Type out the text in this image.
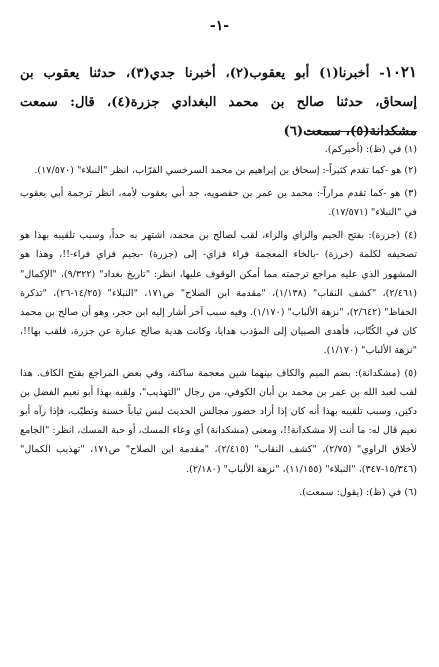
-١-
١٠٢١- أخبرنا(١) أبو يعقوب(٢)، أخبرنا جدي(٣)، حدثنا يعقوب بن إسحاق، حدثنا صالح بن محمد البغدادي جزرة(٤)، قال: سمعت مشكدانة(٥)، سمعت(٦)

(١) في (ظ): (أخبركم).

(٢) هو -كما تقدم كثيراً-: إسحاق بن إبراهيم بن محمد السرخسي القرّاب، انظر "النبلاء" (١٧/٥٧٠).

(٣) هو -كما تقدم مراراً-: محمد بن عمر بن حفصويه، جد أبي يعقوب لأمه، انظر ترجمة أبي يعقوب في "النبلاء" (١٧/٥٧١).

(٤) (جزرة): بفتح الجيم والزاي والراء، لقب لصالح بن محمد، اشتهر به حداً، وسبب تلقيبه بهذا هو تصحيفه لكلمة (خرزة) -بالخاء المعجمة فراء فزاي- إلى (جزرة) -بجيم فزاي فراء-!!، وهذا هو المشهور الذي عليه مراجع ترجمته مما أمكن الوقوف عليها، انظر: "تاريخ بغداد" (٩/٣٢٢)، "الإكمال" (٢/٤٦١)، "كشف النقاب" (١/١٣٨)، "مقدمة ابن الصلاح" ص١٧١، "النبلاء" (١٤/٢٥-٢٦)، "تذكرة الحفاظ" (٢/٦٤٢)، "نزهة الألباب" (١/١٧٠). وفيه سبب آخر أشار إليه ابن حجر، وهو أن صالح بن محمد كان في الكُتّاب، فأهدى الصبيان إلى المؤدب هدايا، وكانت هدية صالح عبارة عن جزرة، فلقب بها!!، "نزهة الألباب" (١/١٧٠).

(٥) (مشكدانة): بضم الميم والكاف بينهما شين معجمة ساكنة، وفي بعض المراجع بفتح الكاف. هذا لقب لعبد الله بن عمر بن محمد بن أبان الكوفي، من رجال "التهذيب"، ولقبه بهذا أبو نعيم الفضل بن دكين، وسبب تلقيبه بهذا أنه كان إذا أراد حضور مجالس الحديث لبس ثياباً حسنة وتطيّب، فإذا رآه أبو نعيم قال له: ما أنت إلا مشكدانة!!، ومعنى (مشكدانة) أي وعاء المسك، أو حبة المسك، انظر: "الجامع لأخلاق الراوي" (٢/٧٥)، "كشف النقاب" (٢/٤١٥)، "مقدمة ابن الصلاح" ص١٧١، "تهذيب الكمال" (١٥/٣٤٦-٣٤٧)، "النبلاء" (١١/١٥٥)، "نزهة الألباب" (٢/١٨٠).

(٦) في (ظ): (يقول: سمعت).
